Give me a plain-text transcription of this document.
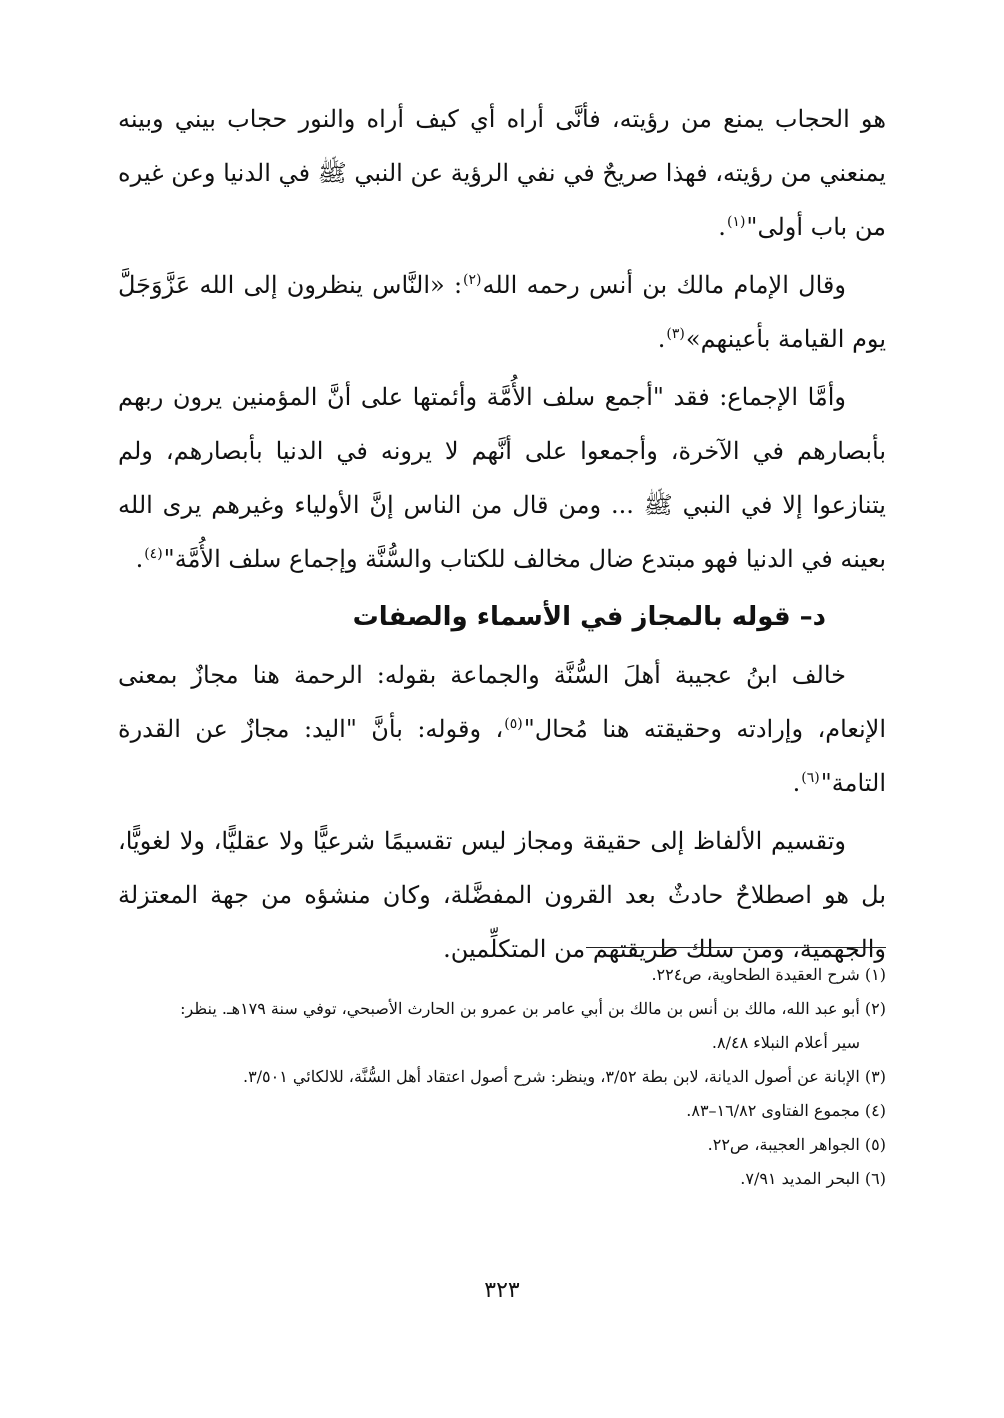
هو الحجاب يمنع من رؤيته، فأنَّى أراه أي كيف أراه والنور حجاب بيني وبينه يمنعني من رؤيته، فهذا صريحٌ في نفي الرؤية عن النبي ﷺ في الدنيا وعن غيره من باب أولى"$^{(١)}$.

وقال الإمام مالك بن أنس رحمه الله$^{(٢)}$: «النَّاس ينظرون إلى الله عَزَّوَجَلَّ يوم القيامة بأعينهم»$^{(٣)}$.

وأمَّا الإجماع: فقد "أجمع سلف الأُمَّة وأئمتها على أنَّ المؤمنين يرون ربهم بأبصارهم في الآخرة، وأجمعوا على أنَّهم لا يرونه في الدنيا بأبصارهم، ولم يتنازعوا إلا في النبي ﷺ ... ومن قال من الناس إنَّ الأولياء وغيرهم يرى الله بعينه في الدنيا فهو مبتدع ضال مخالف للكتاب والسُّنَّة وإجماع سلف الأُمَّة"$^{(٤)}$.

د– قوله بالمجاز في الأسماء والصفات

خالف ابنُ عجيبة أهلَ السُّنَّة والجماعة بقوله: الرحمة هنا مجازٌ بمعنى الإنعام، وإرادته وحقيقته هنا مُحال"$^{(٥)}$، وقوله: بأنَّ "اليد: مجازٌ عن القدرة التامة"$^{(٦)}$.

وتقسيم الألفاظ إلى حقيقة ومجاز ليس تقسيمًا شرعيًّا ولا عقليًّا، ولا لغويًّا، بل هو اصطلاحٌ حادثٌ بعد القرون المفضَّلة، وكان منشؤه من جهة المعتزلة والجهمية، ومن سلك طريقتهم من المتكلِّمين.

(١) شرح العقيدة الطحاوية، ص٢٢٤.

(٢) أبو عبد الله، مالك بن أنس بن مالك بن أبي عامر بن عمرو بن الحارث الأصبحي، توفي سنة ١٧٩هـ. ينظر:
سير أعلام النبلاء ٨/٤٨.

(٣) الإبانة عن أصول الديانة، لابن بطة ٣/٥٢، وينظر: شرح أصول اعتقاد أهل السُّنَّة، للالكائي ٣/٥٠١.

(٤) مجموع الفتاوى ١٦/٨٢–٨٣.

(٥) الجواهر العجيبة، ص٢٢.

(٦) البحر المديد ٧/٩١.

٣٢٣
